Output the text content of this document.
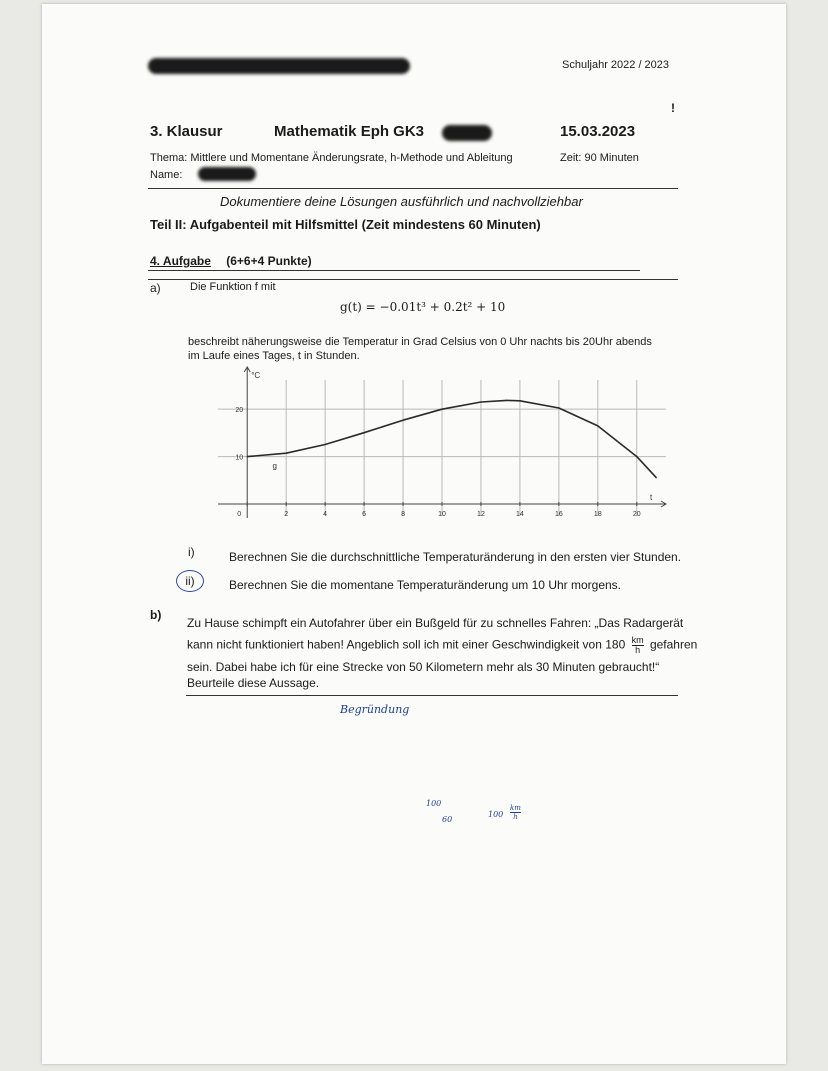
Schuljahr 2022 / 2023
!
3. Klausur	Mathematik Eph GK3	15.03.2023
Thema: Mittlere und Momentane Änderungsrate, h-Methode und Ableitung	Zeit: 90 Minuten
Name:
Dokumentiere deine Lösungen ausführlich und nachvollziehbar
Teil II: Aufgabenteil mit Hilfsmittel (Zeit mindestens 60 Minuten)
4. Aufgabe (6+6+4 Punkte)
a)	Die Funktion f mit
g(t) = −0.01t³ + 0.2t² + 10
beschreibt näherungsweise die Temperatur in Grad Celsius von 0 Uhr nachts bis 20Uhr abends
im Laufe eines Tages, t in Stunden.
0	2	4	6	8	10	12	14	16	18	20
10
20
°C
t
g
i)	Berechnen Sie die durchschnittliche Temperaturänderung in den ersten vier Stunden.
ii)	Berechnen Sie die momentane Temperaturänderung um 10 Uhr morgens.
b)
Zu Hause schimpft ein Autofahrer über ein Bußgeld für zu schnelles Fahren: „Das Radargerät
kann nicht funktioniert haben! Angeblich soll ich mit einer Geschwindigkeit von $180 \frac{km}{h}$ gefahren
sein. Dabei habe ich für eine Strecke von 50 Kilometern mehr als 30 Minuten gebraucht!“
Beurteile diese Aussage.
Begründung
100
60
$100 \frac{km}{h}$
